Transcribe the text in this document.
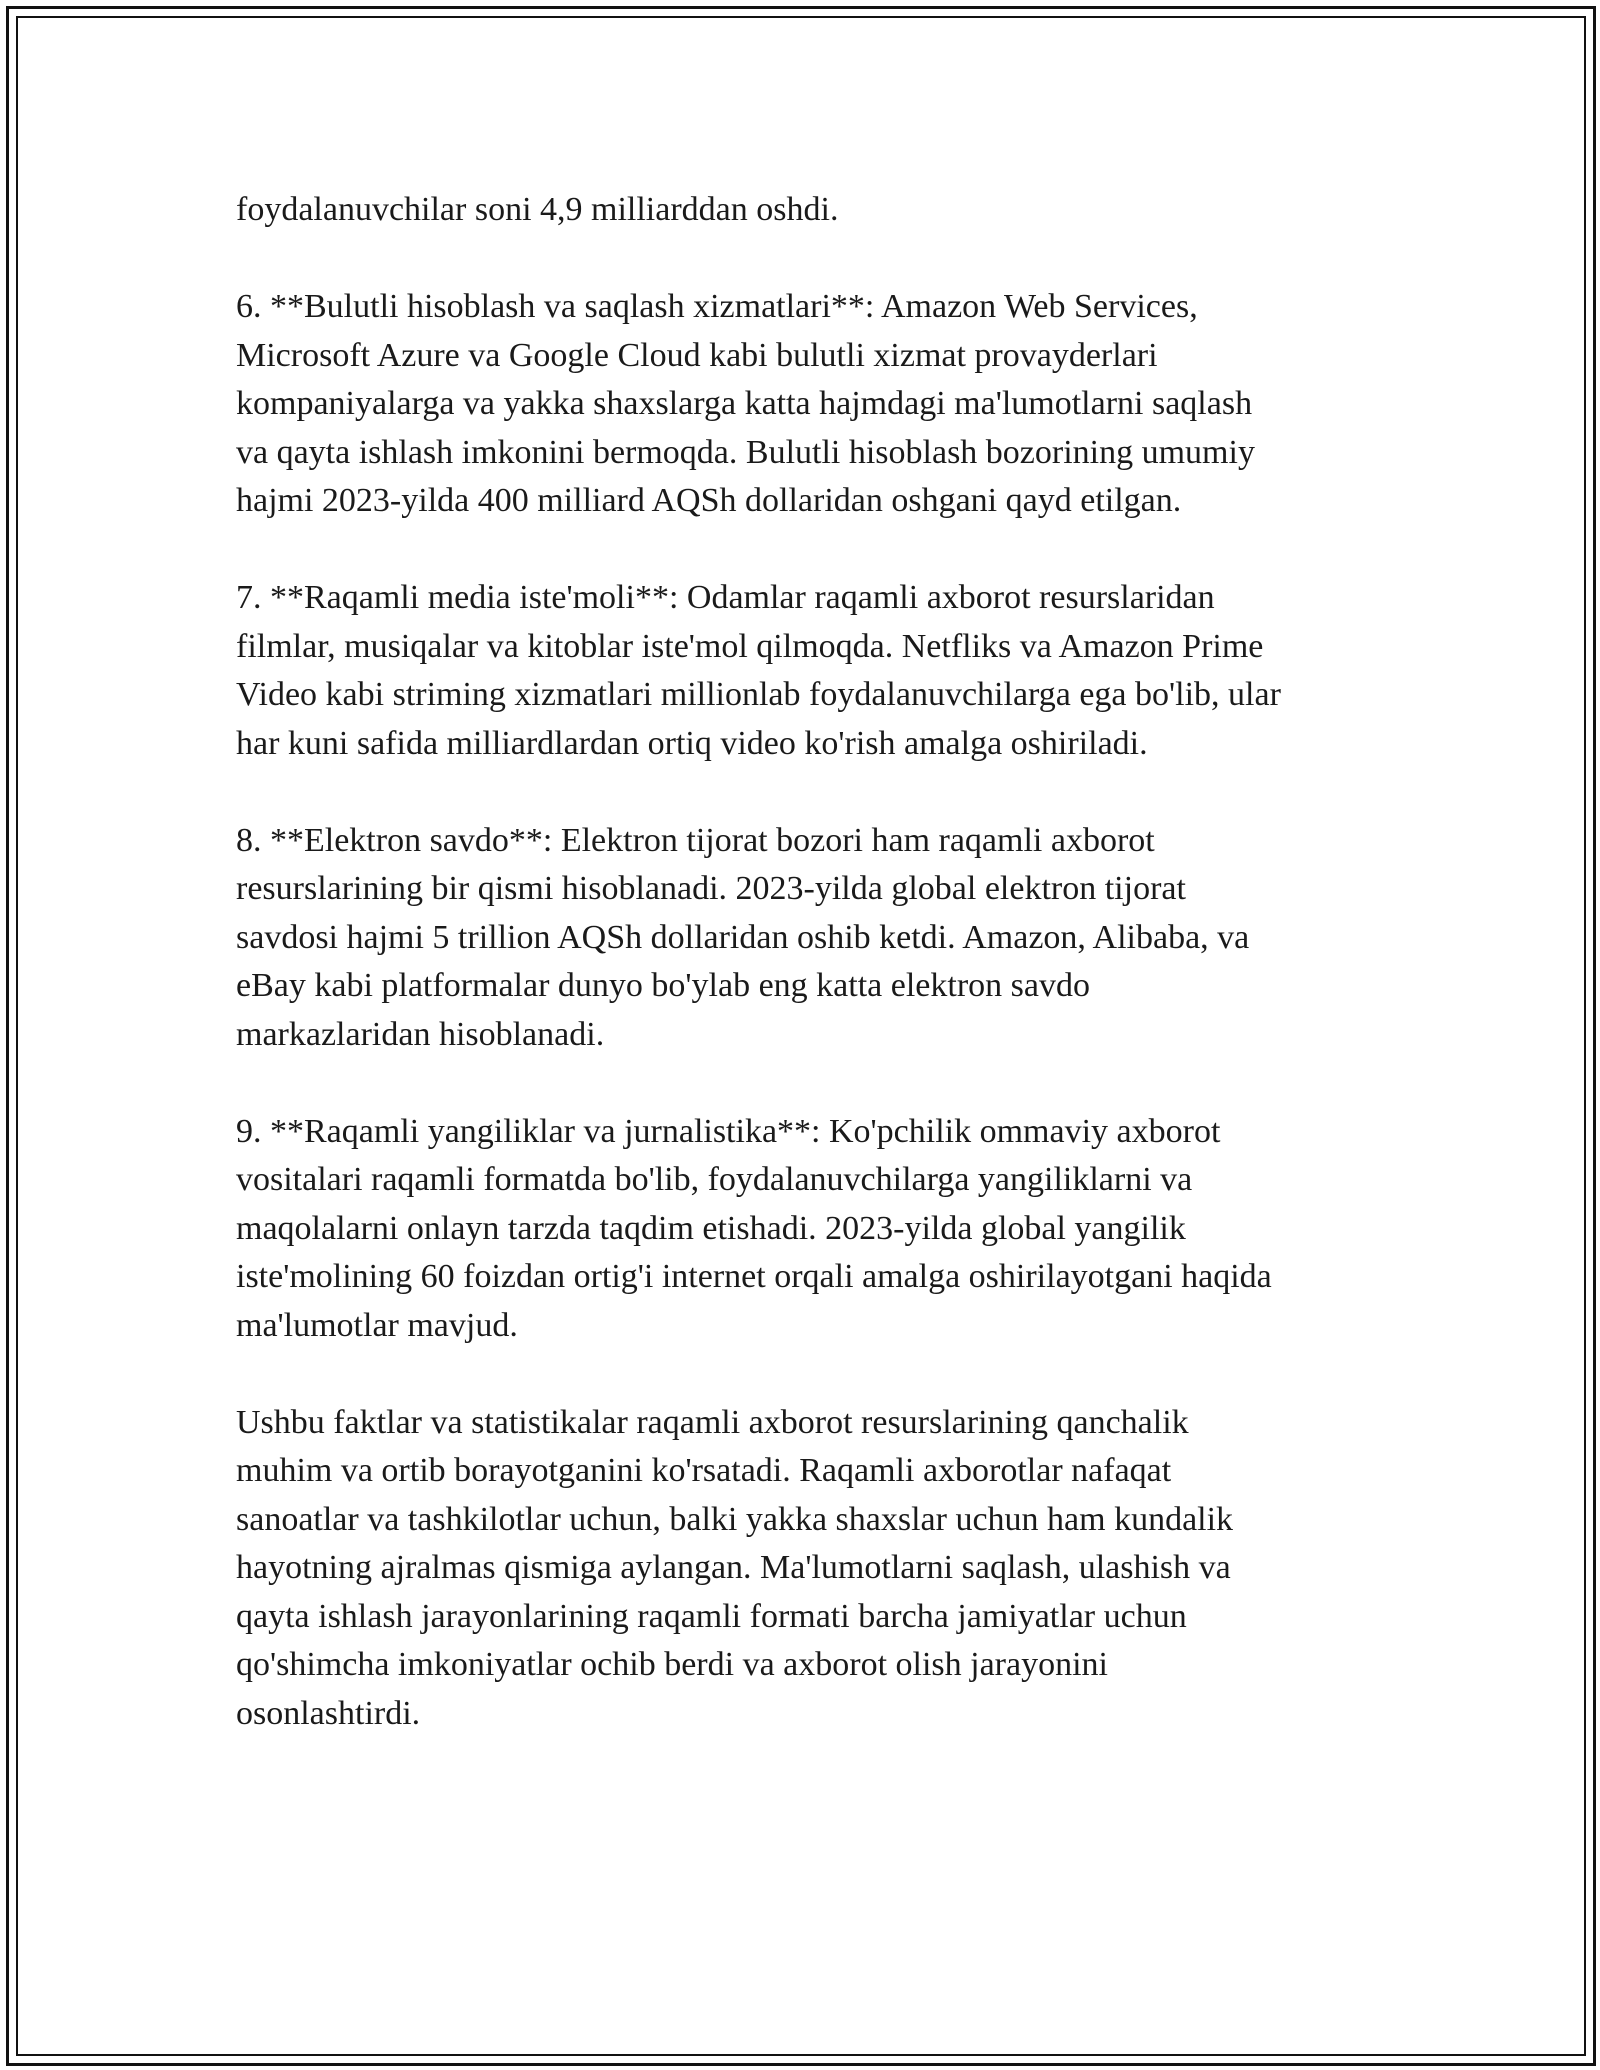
foydalanuvchilar soni 4,9 milliarddan oshdi.

6. **Bulutli hisoblash va saqlash xizmatlari**: Amazon Web Services,
Microsoft Azure va Google Cloud kabi bulutli xizmat provayderlari
kompaniyalarga va yakka shaxslarga katta hajmdagi ma'lumotlarni saqlash
va qayta ishlash imkonini bermoqda. Bulutli hisoblash bozorining umumiy
hajmi 2023-yilda 400 milliard AQSh dollaridan oshgani qayd etilgan.

7. **Raqamli media iste'moli**: Odamlar raqamli axborot resurslaridan
filmlar, musiqalar va kitoblar iste'mol qilmoqda. Netfliks va Amazon Prime
Video kabi striming xizmatlari millionlab foydalanuvchilarga ega bo'lib, ular
har kuni safida milliardlardan ortiq video ko'rish amalga oshiriladi.

8. **Elektron savdo**: Elektron tijorat bozori ham raqamli axborot
resurslarining bir qismi hisoblanadi. 2023-yilda global elektron tijorat
savdosi hajmi 5 trillion AQSh dollaridan oshib ketdi. Amazon, Alibaba, va
eBay kabi platformalar dunyo bo'ylab eng katta elektron savdo
markazlaridan hisoblanadi.

9. **Raqamli yangiliklar va jurnalistika**: Ko'pchilik ommaviy axborot
vositalari raqamli formatda bo'lib, foydalanuvchilarga yangiliklarni va
maqolalarni onlayn tarzda taqdim etishadi. 2023-yilda global yangilik
iste'molining 60 foizdan ortig'i internet orqali amalga oshirilayotgani haqida
ma'lumotlar mavjud.

Ushbu faktlar va statistikalar raqamli axborot resurslarining qanchalik
muhim va ortib borayotganini ko'rsatadi. Raqamli axborotlar nafaqat
sanoatlar va tashkilotlar uchun, balki yakka shaxslar uchun ham kundalik
hayotning ajralmas qismiga aylangan. Ma'lumotlarni saqlash, ulashish va
qayta ishlash jarayonlarining raqamli formati barcha jamiyatlar uchun
qo'shimcha imkoniyatlar ochib berdi va axborot olish jarayonini
osonlashtirdi.
